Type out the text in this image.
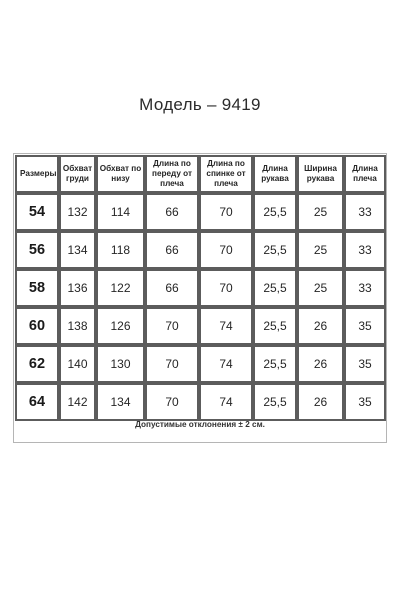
Модель – 9419
Размеры	Обхват груди	Обхват по низу	Длина по переду от плеча	Длина по спинке от плеча	Длина рукава	Ширина рукава	Длина плеча
54	132	114	66	70	25,5	25	33
56	134	118	66	70	25,5	25	33
58	136	122	66	70	25,5	25	33
60	138	126	70	74	25,5	26	35
62	140	130	70	74	25,5	26	35
64	142	134	70	74	25,5	26	35
Допустимые отклонения ± 2 см.
